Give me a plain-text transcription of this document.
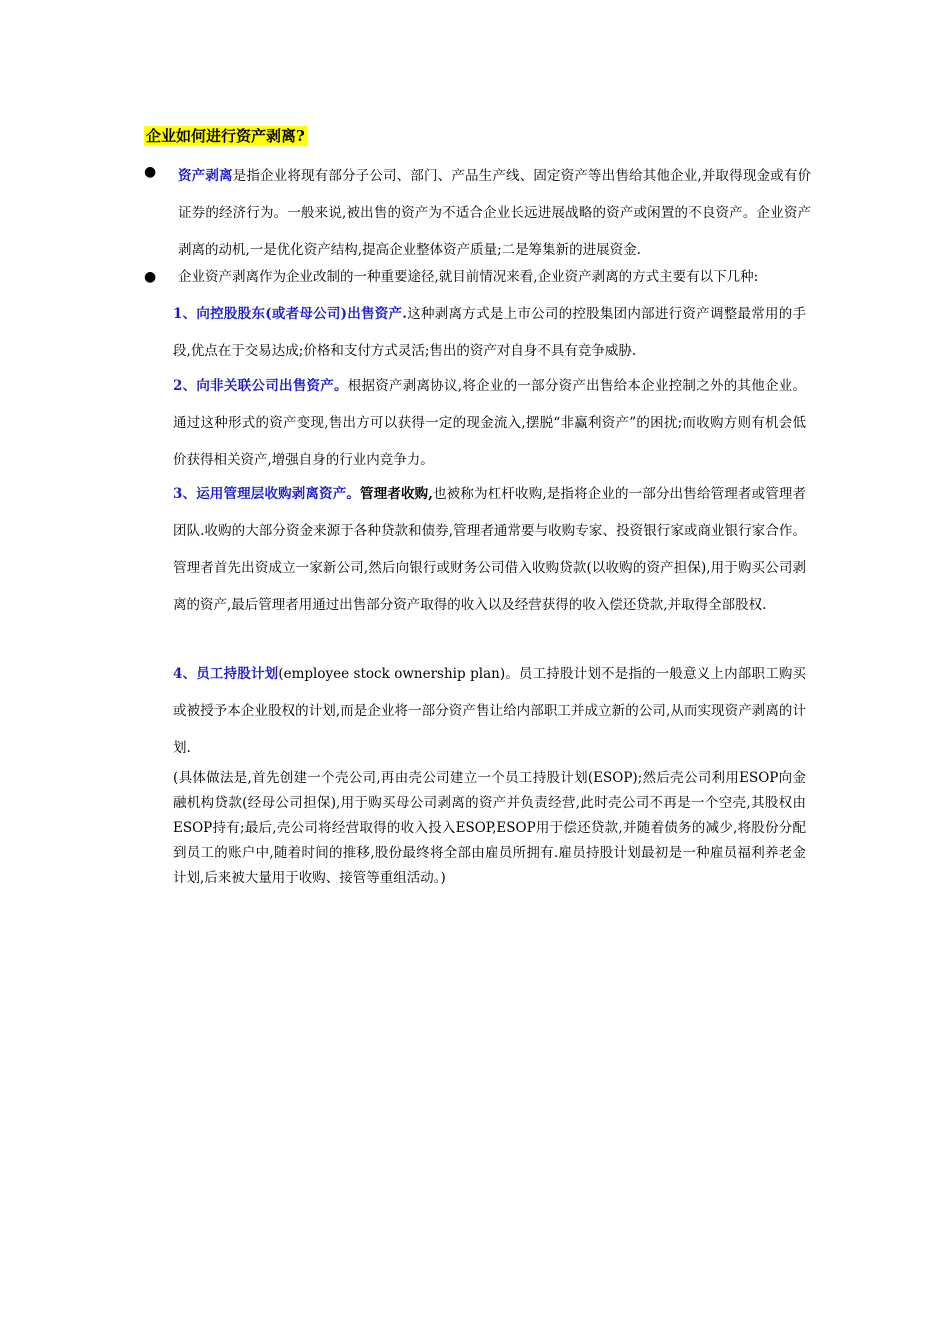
企业如何进行资产剥离?
●	资产剥离是指企业将现有部分子公司、部门、产品生产线、固定资产等出售给其他企业,并取得现金或有价证券的经济行为。一般来说,被出售的资产为不适合企业长远进展战略的资产或闲置的不良资产。企业资产剥离的动机,一是优化资产结构,提高企业整体资产质量;二是筹集新的进展资金.
●	企业资产剥离作为企业改制的一种重要途径,就目前情况来看,企业资产剥离的方式主要有以下几种:
1、向控股股东(或者母公司)出售资产.这种剥离方式是上市公司的控股集团内部进行资产调整最常用的手段,优点在于交易达成;价格和支付方式灵活;售出的资产对自身不具有竞争威胁.
2、向非关联公司出售资产。根据资产剥离协议,将企业的一部分资产出售给本企业控制之外的其他企业。通过这种形式的资产变现,售出方可以获得一定的现金流入,摆脱“非赢利资产”的困扰;而收购方则有机会低价获得相关资产,增强自身的行业内竞争力。
3、运用管理层收购剥离资产。管理者收购,也被称为杠杆收购,是指将企业的一部分出售给管理者或管理者团队.收购的大部分资金来源于各种贷款和债券,管理者通常要与收购专家、投资银行家或商业银行家合作。管理者首先出资成立一家新公司,然后向银行或财务公司借入收购贷款(以收购的资产担保),用于购买公司剥离的资产,最后管理者用通过出售部分资产取得的收入以及经营获得的收入偿还贷款,并取得全部股权.
4、员工持股计划(employee stock ownership plan)。员工持股计划不是指的一般意义上内部职工购买或被授予本企业股权的计划,而是企业将一部分资产售让给内部职工并成立新的公司,从而实现资产剥离的计划.
(具体做法是,首先创建一个壳公司,再由壳公司建立一个员工持股计划(ESOP);然后壳公司利用ESOP向金融机构贷款(经母公司担保),用于购买母公司剥离的资产并负责经营,此时壳公司不再是一个空壳,其股权由ESOP持有;最后,壳公司将经营取得的收入投入ESOP,ESOP用于偿还贷款,并随着债务的减少,将股份分配到员工的账户中,随着时间的推移,股份最终将全部由雇员所拥有.雇员持股计划最初是一种雇员福利养老金计划,后来被大量用于收购、接管等重组活动。)
